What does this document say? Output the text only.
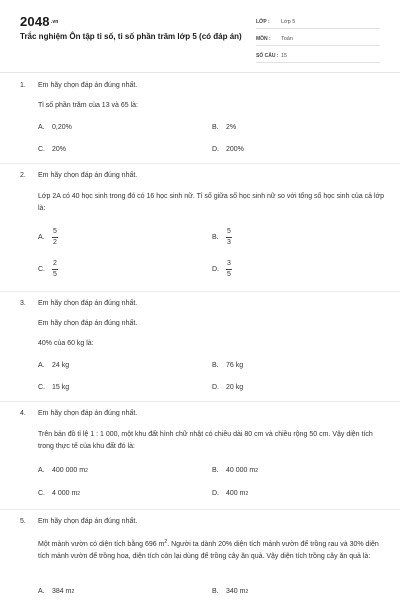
$2048^{.vn}$
Trắc nghiệm Ôn tập tỉ số, tỉ số phần trăm lớp 5 (có đáp án)
LỚP :	Lớp 5
MÔN :	Toán
SỐ CÂU : 15
1. Em hãy chọn đáp án đúng nhất.
Tỉ số phần trăm của 13 và 65 là:
A.	0,20%	B.	2%
C.	20%	D.	200%
2. Em hãy chọn đáp án đúng nhất.
Lớp 2A có 40 học sinh trong đó có 16 học sinh nữ. Tỉ số giữa số học sinh nữ so với tổng số học sinh của cả lớp là:
A.	$\frac{5}{2}$	B.	$\frac{5}{3}$
C.	$\frac{2}{5}$	D.	$\frac{3}{5}$
3. Em hãy chọn đáp án đúng nhất.
Em hãy chọn đáp án đúng nhất.
40% của 60 kg là:
A.	24 kg	B.	76 kg
C.	15 kg	D.	20 kg
4. Em hãy chọn đáp án đúng nhất.
Trên bản đồ tỉ lệ 1 : 1 000, một khu đất hình chữ nhật có chiều dài 80 cm và chiều rộng 50 cm. Vậy diện tích trong thực tế của khu đất đó là:
A.	400 000 m 2	B.	40 000 m 2
C.	4 000 m 2	D.	400 m 2
5. Em hãy chọn đáp án đúng nhất.
Một mảnh vườn có diện tích bằng 696 $m^2$. Người ta dành 20% diện tích mảnh vườn để trồng rau và 30% diện tích mảnh vườn để trồng hoa, diện tích còn lại dùng để trồng cây ăn quả. Vậy diện tích trồng cây ăn quả là:
A.	384 m 2	B.	340 m 2
